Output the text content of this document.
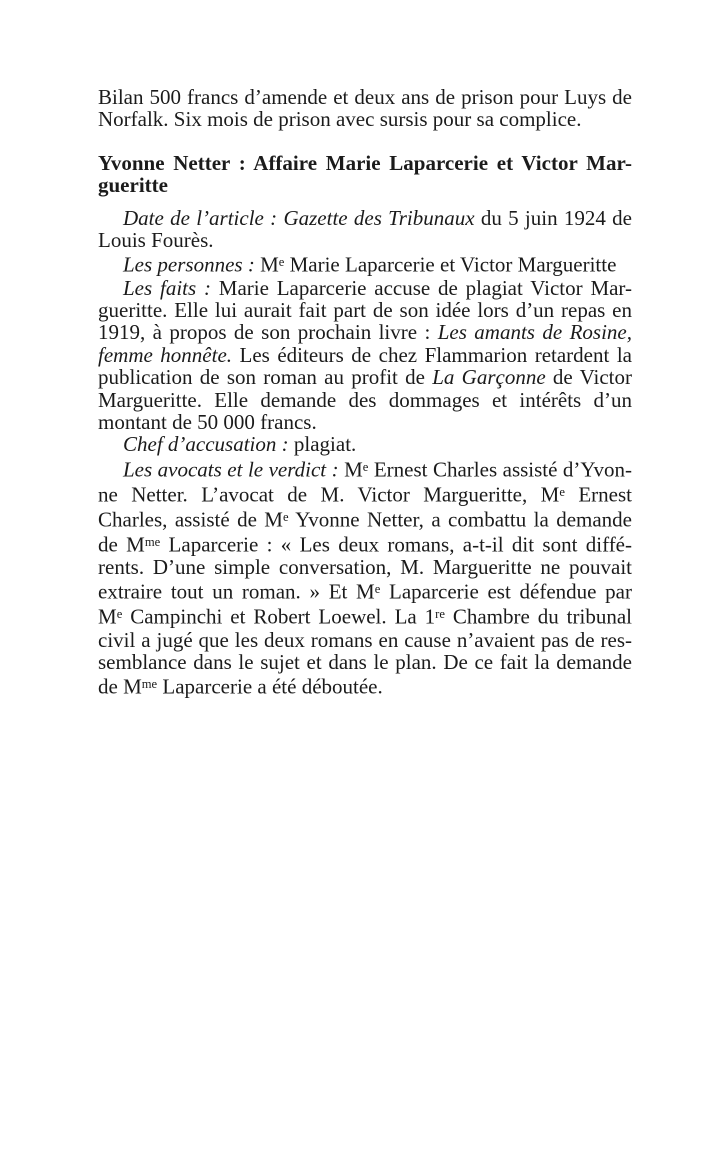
Bilan 500 francs d’amende et deux ans de prison pour Luys de
Norfalk. Six mois de prison avec sursis pour sa complice.
Yvonne Netter : Affaire Marie Laparcerie et Victor Mar-
gueritte
Date de l’article : Gazette des Tribunaux du 5 juin 1924 de
Louis Fourès.
Les personnes : Me Marie Laparcerie et Victor Margueritte
Les faits : Marie Laparcerie accuse de plagiat Victor Mar-
gueritte. Elle lui aurait fait part de son idée lors d’un repas en
1919, à propos de son prochain livre : Les amants de Rosine,
femme honnête. Les éditeurs de chez Flammarion retardent la
publication de son roman au profit de La Garçonne de Victor
Margueritte. Elle demande des dommages et intérêts d’un
montant de 50 000 francs.
Chef d’accusation : plagiat.
Les avocats et le verdict : Me Ernest Charles assisté d’Yvon-
ne Netter. L’avocat de M. Victor Margueritte, Me Ernest
Charles, assisté de Me Yvonne Netter, a combattu la demande
de $M^{me}$ Laparcerie : « Les deux romans, a-t-il dit sont diffé-
rents. D’une simple conversation, M. Margueritte ne pouvait
extraire tout un roman. » Et Me Laparcerie est défendue par
Me Campinchi et Robert Loewel. La 1re Chambre du tribunal
civil a jugé que les deux romans en cause n’avaient pas de res-
semblance dans le sujet et dans le plan. De ce fait la demande
de $M^{me}$ Laparcerie a été déboutée.
